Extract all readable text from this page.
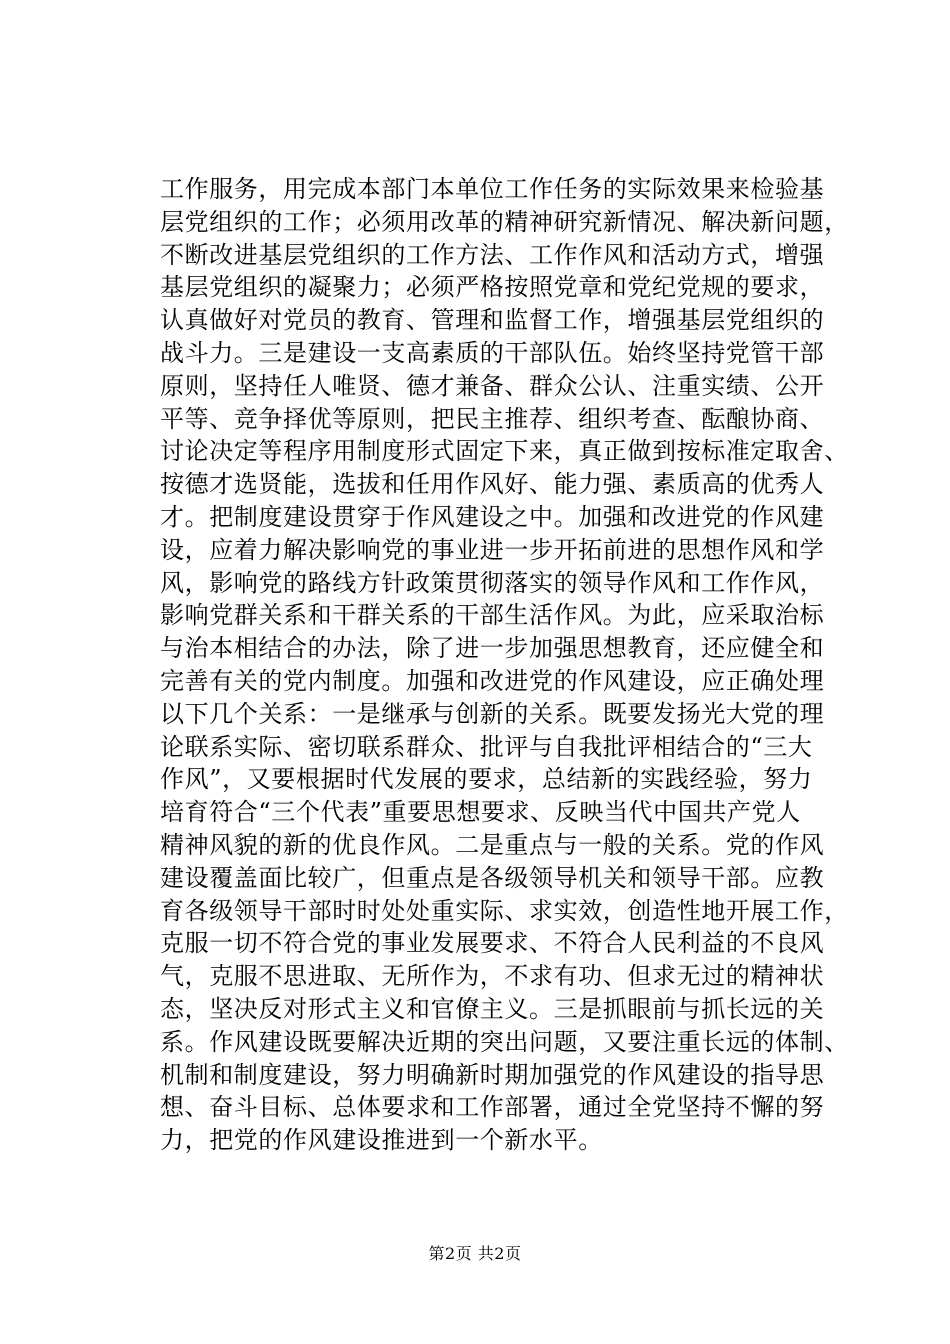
工作服务，用完成本部门本单位工作任务的实际效果来检验基
层党组织的工作；必须用改革的精神研究新情况、解决新问题，
不断改进基层党组织的工作方法、工作作风和活动方式，增强
基层党组织的凝聚力；必须严格按照党章和党纪党规的要求，
认真做好对党员的教育、管理和监督工作，增强基层党组织的
战斗力。三是建设一支高素质的干部队伍。始终坚持党管干部
原则，坚持任人唯贤、德才兼备、群众公认、注重实绩、公开
平等、竞争择优等原则，把民主推荐、组织考查、酝酿协商、
讨论决定等程序用制度形式固定下来，真正做到按标准定取舍、
按德才选贤能，选拔和任用作风好、能力强、素质高的优秀人
才。把制度建设贯穿于作风建设之中。加强和改进党的作风建
设，应着力解决影响党的事业进一步开拓前进的思想作风和学
风，影响党的路线方针政策贯彻落实的领导作风和工作作风，
影响党群关系和干群关系的干部生活作风。为此，应采取治标
与治本相结合的办法，除了进一步加强思想教育，还应健全和
完善有关的党内制度。加强和改进党的作风建设，应正确处理
以下几个关系：一是继承与创新的关系。既要发扬光大党的理
论联系实际、密切联系群众、批评与自我批评相结合的“三大
作风”，又要根据时代发展的要求，总结新的实践经验，努力
培育符合“三个代表”重要思想要求、反映当代中国共产党人
精神风貌的新的优良作风。二是重点与一般的关系。党的作风
建设覆盖面比较广，但重点是各级领导机关和领导干部。应教
育各级领导干部时时处处重实际、求实效，创造性地开展工作，
克服一切不符合党的事业发展要求、不符合人民利益的不良风
气，克服不思进取、无所作为，不求有功、但求无过的精神状
态，坚决反对形式主义和官僚主义。三是抓眼前与抓长远的关
系。作风建设既要解决近期的突出问题，又要注重长远的体制、
机制和制度建设，努力明确新时期加强党的作风建设的指导思
想、奋斗目标、总体要求和工作部署，通过全党坚持不懈的努
力，把党的作风建设推进到一个新水平。
第2页 共2页
